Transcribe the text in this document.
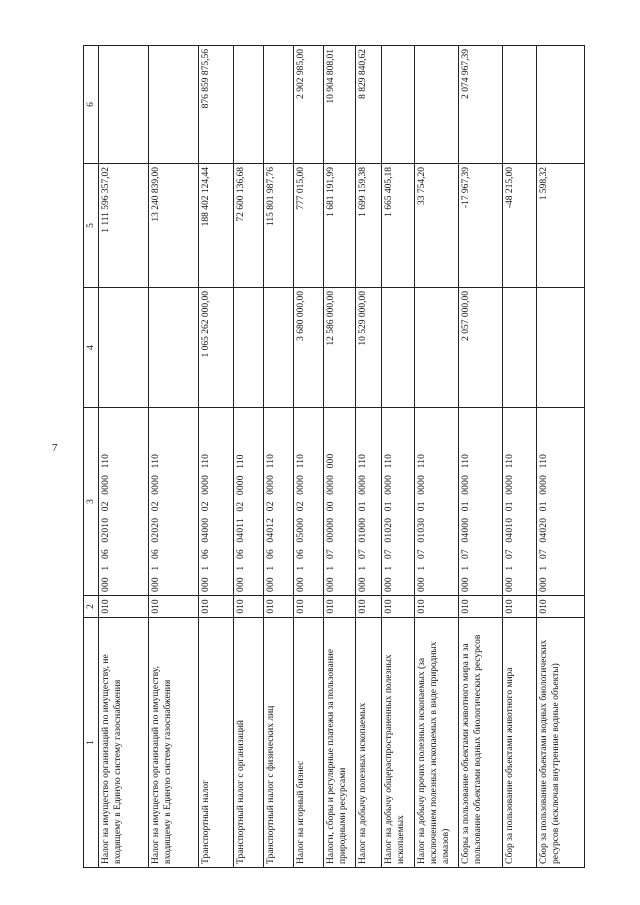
7
1	2	3	4	5	6
Налог на имущество организаций по имуществу, не входящему в Единую систему газоснабжения	010	000 1 06 02010 02 0000 110		1 111 596 357,02	
Налог на имущество организаций по имуществу, входящему в Единую систему газоснабжения	010	000 1 06 02020 02 0000 110		13 240 839,00	
Транспортный налог	010	000 1 06 04000 02 0000 110	1 065 262 000,00	188 402 124,44	876 859 875,56
Транспортный налог с организаций	010	000 1 06 04011 02 0000 110		72 600 136,68	
Транспортный налог с физических лиц	010	000 1 06 04012 02 0000 110		115 801 987,76	
Налог на игорный бизнес	010	000 1 06 05000 02 0000 110	3 680 000,00	777 015,00	2 902 985,00
Налоги, сборы и регулярные платежи за пользование природными ресурсами	010	000 1 07 00000 00 0000 000	12 586 000,00	1 681 191,99	10 904 808,01
Налог на добычу полезных ископаемых	010	000 1 07 01000 01 0000 110	10 529 000,00	1 699 159,38	8 829 840,62
Налог на добычу общераспространенных полезных ископаемых	010	000 1 07 01020 01 0000 110		1 665 405,18	
Налог на добычу прочих полезных ископаемых (за исключением полезных ископаемых в виде природных алмазов)	010	000 1 07 01030 01 0000 110		33 754,20	
Сборы за пользование объектами животного мира и за пользование объектами водных биологических ресурсов	010	000 1 07 04000 01 0000 110	2 057 000,00	-17 967,39	2 074 967,39
Сбор за пользование объектами животного мира	010	000 1 07 04010 01 0000 110		-48 215,00	
Сбор за пользование объектами водных биологических ресурсов (исключая внутренние водные объекты)	010	000 1 07 04020 01 0000 110		1 598,32	
